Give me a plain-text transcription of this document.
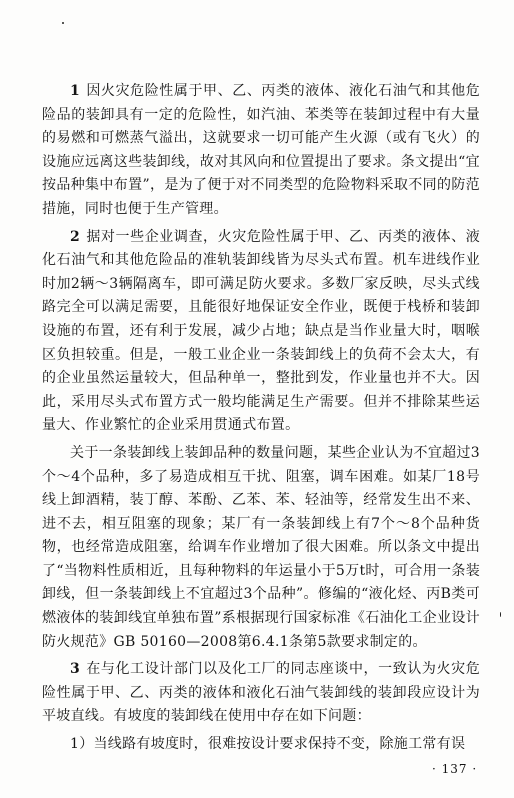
1 因火灾危险性属于甲、乙、丙类的液体、液化石油气和其他危险品的装卸具有一定的危险性，如汽油、苯类等在装卸过程中有大量的易燃和可燃蒸气溢出，这就要求一切可能产生火源（或有飞火）的设施应远离这些装卸线，故对其风向和位置提出了要求。条文提出“宜按品种集中布置”，是为了便于对不同类型的危险物料采取不同的防范措施，同时也便于生产管理。

2 据对一些企业调查，火灾危险性属于甲、乙、丙类的液体、液化石油气和其他危险品的准轨装卸线皆为尽头式布置。机车进线作业时加2辆～3辆隔离车，即可满足防火要求。多数厂家反映，尽头式线路完全可以满足需要，且能很好地保证安全作业，既便于栈桥和装卸设施的布置，还有利于发展，减少占地；缺点是当作业量大时，咽喉区负担较重。但是，一般工业企业一条装卸线上的负荷不会太大，有的企业虽然运量较大，但品种单一，整批到发，作业量也并不大。因此，采用尽头式布置方式一般均能满足生产需要。但并不排除某些运量大、作业繁忙的企业采用贯通式布置。

关于一条装卸线上装卸品种的数量问题，某些企业认为不宜超过3个～4个品种，多了易造成相互干扰、阻塞，调车困难。如某厂18号线上卸酒精，装丁醇、苯酚、乙苯、苯、轻油等，经常发生出不来、进不去，相互阻塞的现象；某厂有一条装卸线上有7个～8个品种货物，也经常造成阻塞，给调车作业增加了很大困难。所以条文中提出了“当物料性质相近，且每种物料的年运量小于5万t时，可合用一条装卸线，但一条装卸线上不宜超过3个品种”。修编的“液化烃、丙B类可燃液体的装卸线宜单独布置”系根据现行国家标准《石油化工企业设计防火规范》GB 50160—2008第6.4.1条第5款要求制定的。

3 在与化工设计部门以及化工厂的同志座谈中，一致认为火灾危险性属于甲、乙、丙类的液体和液化石油气装卸线的装卸段应设计为平坡直线。有坡度的装卸线在使用中存在如下问题：

1）当线路有坡度时，很难按设计要求保持不变，除施工常有误

· 137 ·
